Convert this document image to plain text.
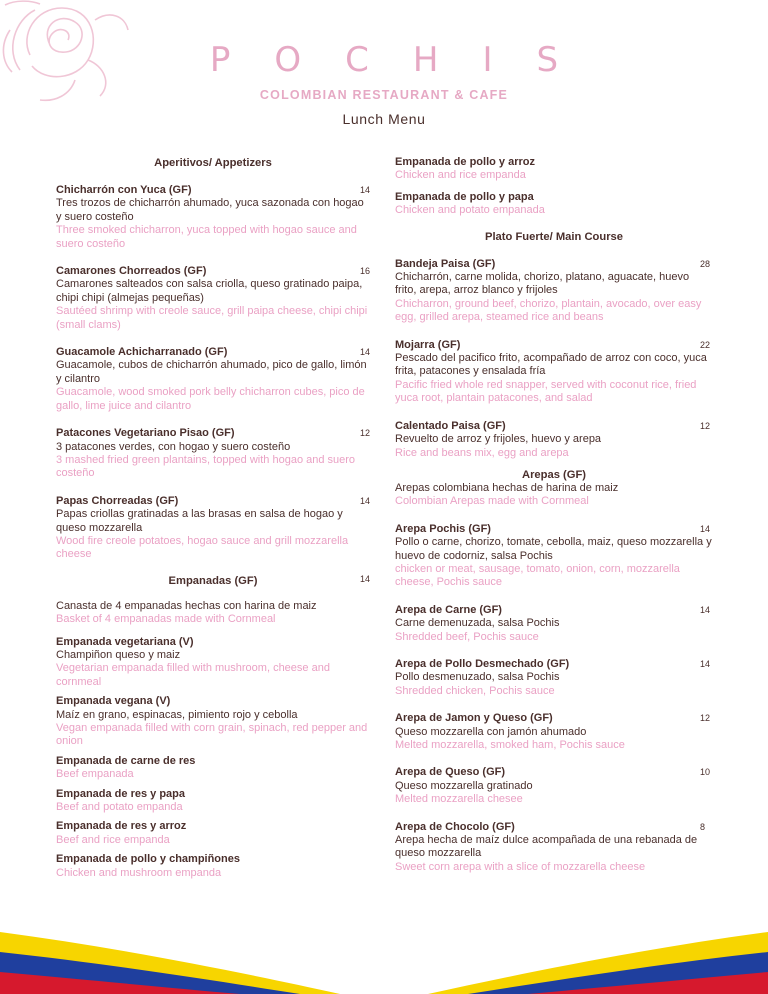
POCHIS
COLOMBIAN RESTAURANT & CAFE
Lunch Menu
Aperitivos/ Appetizers
Chicharrón con Yuca (GF)
Tres trozos de chicharrón ahumado, yuca sazonada con hogao y suero costeño
Three smoked chicharron, yuca topped with hogao sauce and suero costeño
14
Camarones Chorreados (GF)
Camarones salteados con salsa criolla, queso gratinado paipa, chipi chipi (almejas pequeñas)
Sautéed shrimp with creole sauce, grill paipa cheese, chipi chipi (small clams)
16
Guacamole Achicharranado (GF)
Guacamole, cubos de chicharrón ahumado, pico de gallo, limón y cilantro
Guacamole, wood smoked pork belly chicharron cubes, pico de gallo, lime juice and cilantro
14
Patacones Vegetariano Pisao (GF)
3 patacones verdes, con hogao y suero costeño
3 mashed fried green plantains, topped with hogao and suero costeño
12
Papas Chorreadas (GF)
Papas criollas gratinadas a las brasas en salsa de hogao y queso mozzarella
Wood fire creole potatoes, hogao sauce and grill mozzarella cheese
14
Empanadas (GF)	14
Canasta de 4 empanadas hechas con harina de maiz
Basket of 4 empanadas made with Cornmeal
Empanada vegetariana (V)
Champiñon queso y maiz
Vegetarian empanada filled with mushroom, cheese and cornmeal
Empanada vegana (V)
Maíz en grano, espinacas, pimiento rojo y cebolla
Vegan empanada filled with corn grain, spinach, red pepper and onion
Empanada de carne de res
Beef empanada
Empanada de res y papa
Beef and potato empanda
Empanada de res y arroz
Beef and rice empanda
Empanada de pollo y champiñones
Chicken and mushroom empanda
Empanada de pollo y arroz
Chicken and rice empanda
Empanada de pollo y papa
Chicken and potato empanada
Plato Fuerte/ Main Course
Bandeja Paisa (GF)
Chicharrón, carne molida, chorizo, platano, aguacate, huevo frito, arepa, arroz blanco y frijoles
Chicharron, ground beef, chorizo, plantain, avocado, over easy egg, grilled arepa, steamed rice and beans
28
Mojarra (GF)
Pescado del pacifico frito, acompañado de arroz con coco, yuca frita, patacones y ensalada fría
Pacific fried whole red snapper, served with coconut rice, fried yuca root, plantain patacones, and salad
22
Calentado Paisa (GF)
Revuelto de arroz y frijoles, huevo y arepa
Rice and beans mix, egg and arepa
12
Arepas (GF)
Arepas colombiana hechas de harina de maiz
Colombian Arepas made with Cornmeal
Arepa Pochis (GF)
Pollo o carne, chorizo, tomate, cebolla, maiz, queso mozzarella y huevo de codorniz, salsa Pochis
chicken or meat, sausage, tomato, onion, corn, mozzarella cheese, Pochis sauce
14
Arepa de Carne (GF)
Carne demenuzada, salsa Pochis
Shredded beef, Pochis sauce
14
Arepa de Pollo Desmechado (GF)
Pollo desmenuzado, salsa Pochis
Shredded chicken, Pochis sauce
14
Arepa de Jamon y Queso (GF)
Queso mozzarella con jamón ahumado
Melted mozzarella, smoked ham, Pochis sauce
12
Arepa de Queso (GF)
Queso mozzarella gratinado
Melted mozzarella chesee
10
Arepa de Chocolo (GF)
Arepa hecha de maíz dulce acompañada de una rebanada de queso mozzarella
Sweet corn arepa with a slice of mozzarella cheese
8
